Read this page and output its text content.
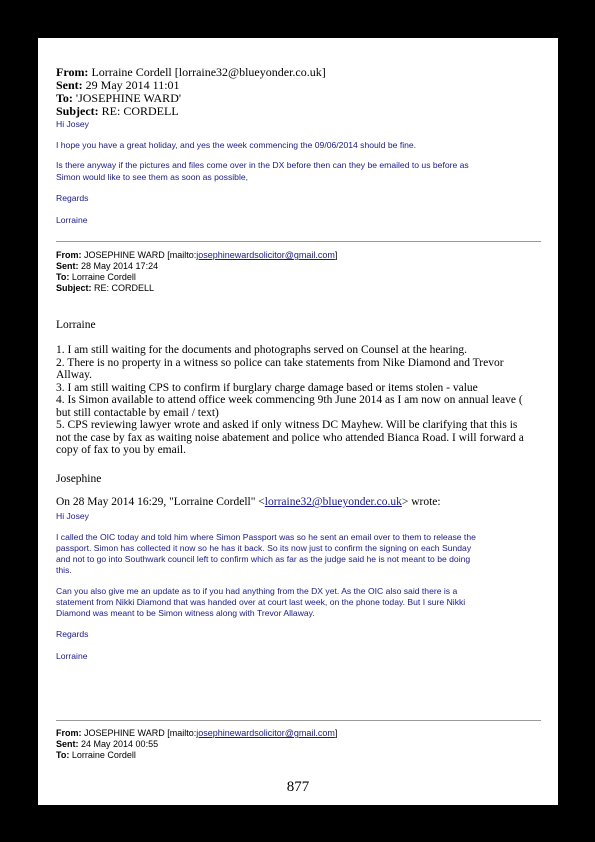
From: Lorraine Cordell [lorraine32@blueyonder.co.uk]
Sent: 29 May 2014 11:01
To: 'JOSEPHINE WARD'
Subject: RE: CORDELL
Hi Josey
I hope you have a great holiday, and yes the week commencing the 09/06/2014 should be fine.
Is there anyway if the pictures and files come over in the DX before then can they be emailed to us before as
Simon would like to see them as soon as possible,
Regards
Lorraine
From: JOSEPHINE WARD [mailto:josephinewardsolicitor@gmail.com]
Sent: 28 May 2014 17:24
To: Lorraine Cordell
Subject: RE: CORDELL
Lorraine
1. I am still waiting for the documents and photographs served on Counsel at the hearing.
2. There is no property in a witness so police can take statements from Nike Diamond and Trevor
Allway.
3. I am still waiting CPS to confirm if burglary charge damage based or items stolen - value
4. Is Simon available to attend office week commencing 9th June 2014 as I am now on annual leave (
but still contactable by email / text)
5. CPS reviewing lawyer wrote and asked if only witness DC Mayhew. Will be clarifying that this is
not the case by fax as waiting noise abatement and police who attended Bianca Road. I will forward a
copy of fax to you by email.
Josephine
On 28 May 2014 16:29, "Lorraine Cordell" <lorraine32@blueyonder.co.uk> wrote:
Hi Josey
I called the OIC today and told him where Simon Passport was so he sent an email over to them to release the
passport. Simon has collected it now so he has it back. So its now just to confirm the signing on each Sunday
and not to go into Southwark council left to confirm which as far as the judge said he is not meant to be doing
this.
Can you also give me an update as to if you had anything from the DX yet. As the OIC also said there is a
statement from Nikki Diamond that was handed over at court last week, on the phone today. But I sure Nikki
Diamond was meant to be Simon witness along with Trevor Allaway.
Regards
Lorraine
From: JOSEPHINE WARD [mailto:josephinewardsolicitor@gmail.com]
Sent: 24 May 2014 00:55
To: Lorraine Cordell
877
